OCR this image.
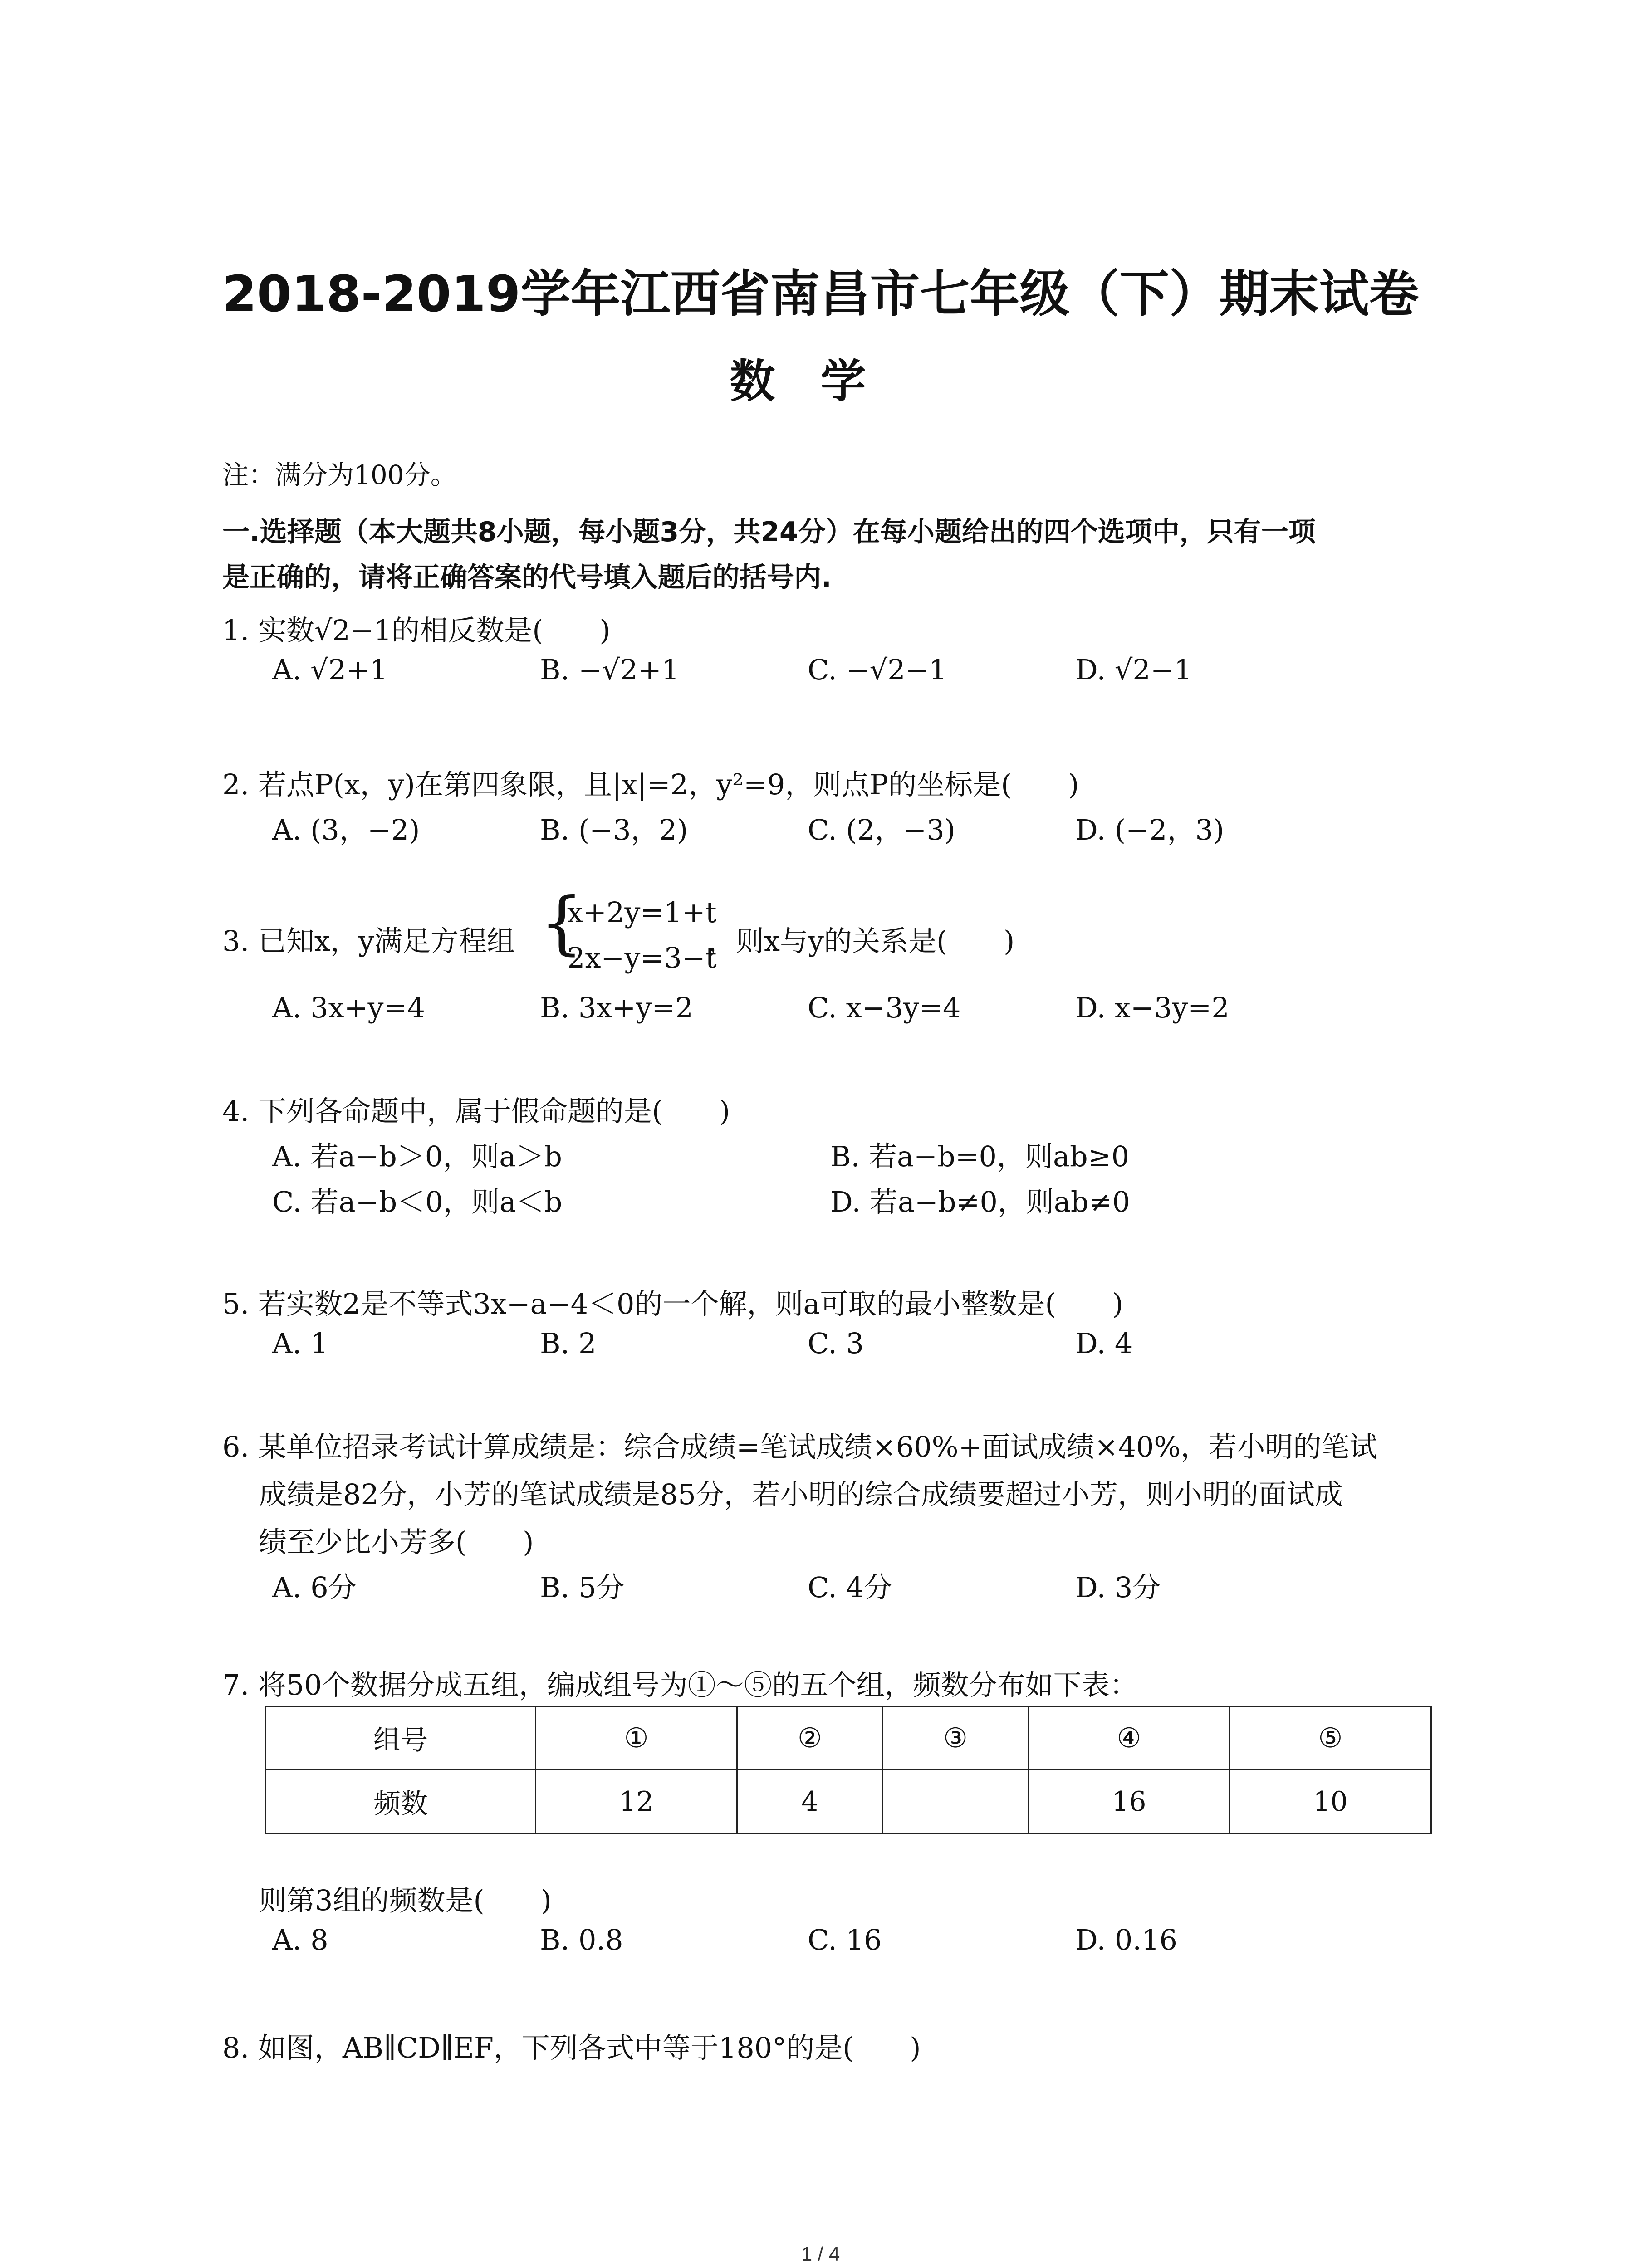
2018-2019学年江西省南昌市七年级（下）期末试卷
数学
注：满分为100分。
一.选择题（本大题共8小题，每小题3分，共24分）在每小题给出的四个选项中，只有一项
是正确的，请将正确答案的代号填入题后的括号内.
1. 实数√2−1的相反数是(　　)
A. √2+1	B. −√2+1	C. −√2−1	D. √2−1
2. 若点P(x，y)在第四象限，且|x|=2，y²=9，则点P的坐标是(　　)
A. (3，−2)	B. (−3，2)	C. (2，−3)	D. (−2，3)
3. 已知x，y满足方程组 {
x+2y=1+t
2x−y=3−t
，则x与y的关系是(　　)
A. 3x+y=4	B. 3x+y=2	C. x−3y=4	D. x−3y=2
4. 下列各命题中，属于假命题的是(　　)
A. 若a−b＞0，则a＞b	B. 若a−b=0，则ab≥0
C. 若a−b＜0，则a＜b	D. 若a−b≠0，则ab≠0
5. 若实数2是不等式3x−a−4＜0的一个解，则a可取的最小整数是(　　)
A. 1	B. 2	C. 3	D. 4
6. 某单位招录考试计算成绩是：综合成绩=笔试成绩×60%+面试成绩×40%，若小明的笔试
成绩是82分，小芳的笔试成绩是85分，若小明的综合成绩要超过小芳，则小明的面试成
绩至少比小芳多(　　)
A. 6分	B. 5分	C. 4分	D. 3分
7. 将50个数据分成五组，编成组号为①～⑤的五个组，频数分布如下表：
组号	①	②	③	④	⑤
频数	12	4		16	10
则第3组的频数是(　　)
A. 8	B. 0.8	C. 16	D. 0.16
8. 如图，AB∥CD∥EF，下列各式中等于180°的是(　　)
1 / 4
